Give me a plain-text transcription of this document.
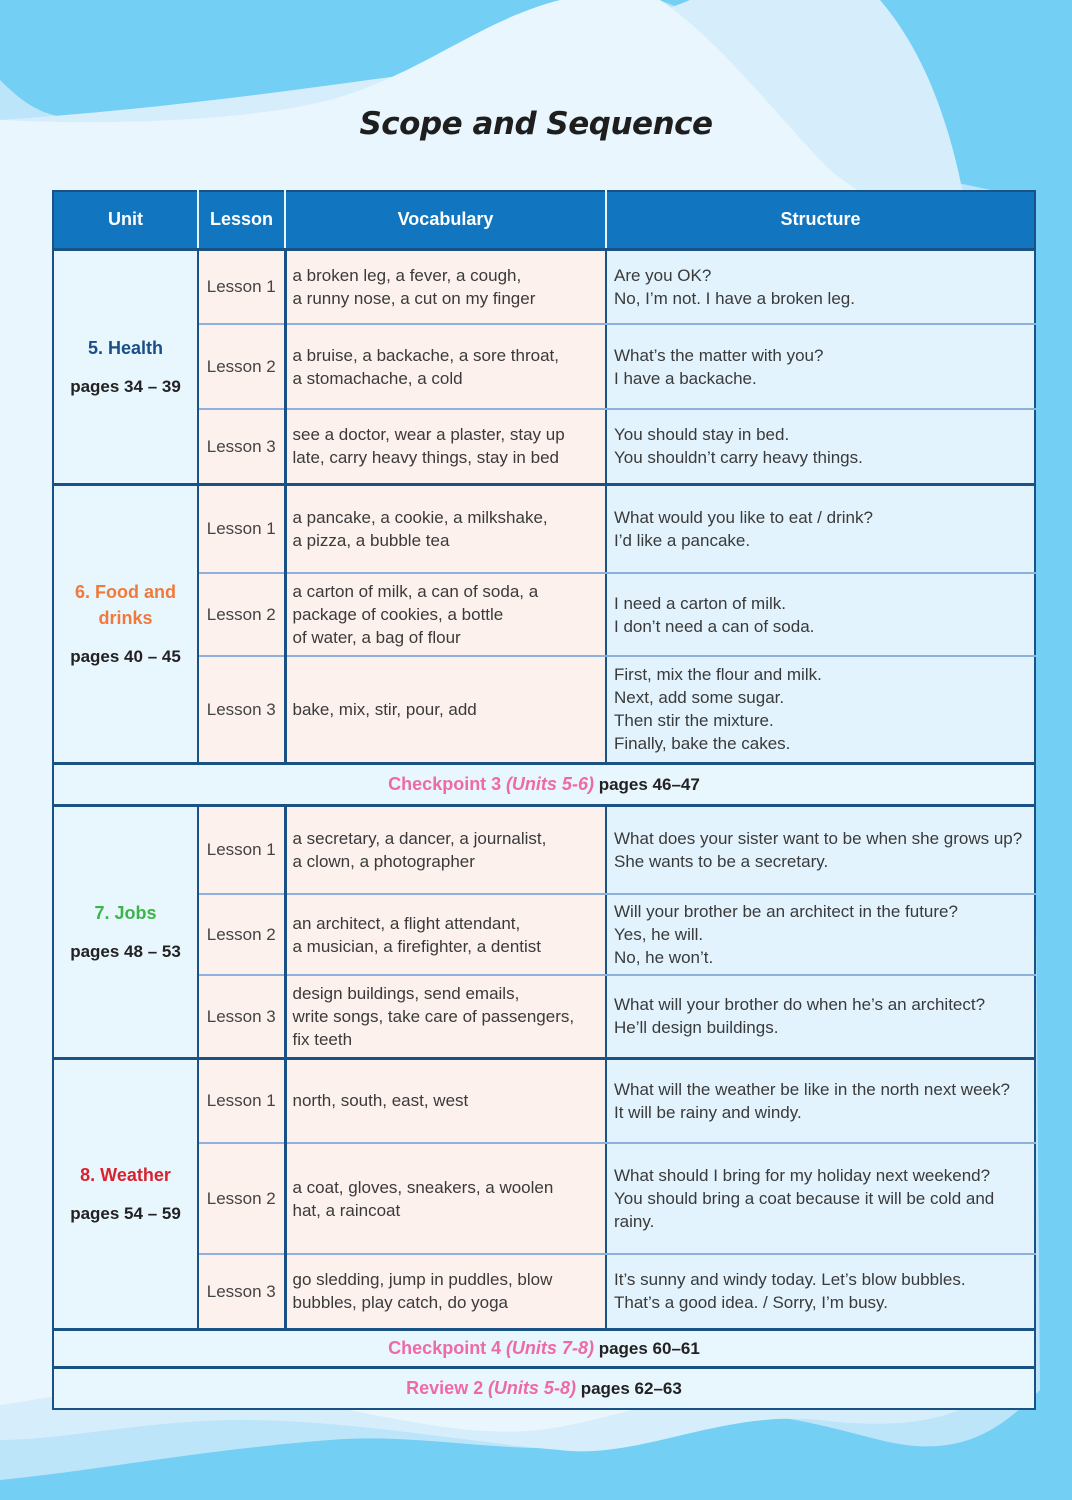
Scope and Sequence
Unit	Lesson	Vocabulary	Structure

5. Health
pages 34 – 39	Lesson 1	a broken leg, a fever, a cough,
a runny nose, a cut on my finger	Are you OK?
No, I’m not. I have a broken leg.

	Lesson 2	a bruise, a backache, a sore throat,
a stomachache, a cold	What’s the matter with you?
I have a backache.

	Lesson 3	see a doctor, wear a plaster, stay up
late, carry heavy things, stay in bed	You should stay in bed.
You shouldn’t carry heavy things.

6. Food and drinks
pages 40 – 45	Lesson 1	a pancake, a cookie, a milkshake,
a pizza, a bubble tea	What would you like to eat / drink?
I’d like a pancake.

	Lesson 2	a carton of milk, a can of soda, a
package of cookies, a bottle
of water, a bag of flour	I need a carton of milk.
I don’t need a can of soda.

	Lesson 3	bake, mix, stir, pour, add	First, mix the flour and milk.
Next, add some sugar.
Then stir the mixture.
Finally, bake the cakes.

Checkpoint 3 (Units 5-6) pages 46–47			

7. Jobs
pages 48 – 53	Lesson 1	a secretary, a dancer, a journalist,
a clown, a photographer	What does your sister want to be when she grows up?
She wants to be a secretary.

	Lesson 2	an architect, a flight attendant,
a musician, a firefighter, a dentist	Will your brother be an architect in the future?
Yes, he will.
No, he won’t.

	Lesson 3	design buildings, send emails,
write songs, take care of passengers,
fix teeth	What will your brother do when he’s an architect?
He’ll design buildings.

8. Weather
pages 54 – 59	Lesson 1	north, south, east, west	What will the weather be like in the north next week?
It will be rainy and windy.

	Lesson 2	a coat, gloves, sneakers, a woolen
hat, a raincoat	What should I bring for my holiday next weekend?
You should bring a coat because it will be cold and rainy.

	Lesson 3	go sledding, jump in puddles, blow
bubbles, play catch, do yoga	It’s sunny and windy today. Let’s blow bubbles.
That’s a good idea. / Sorry, I’m busy.

Checkpoint 4 (Units 7-8) pages 60–61			
Review 2 (Units 5-8) pages 62–63			
